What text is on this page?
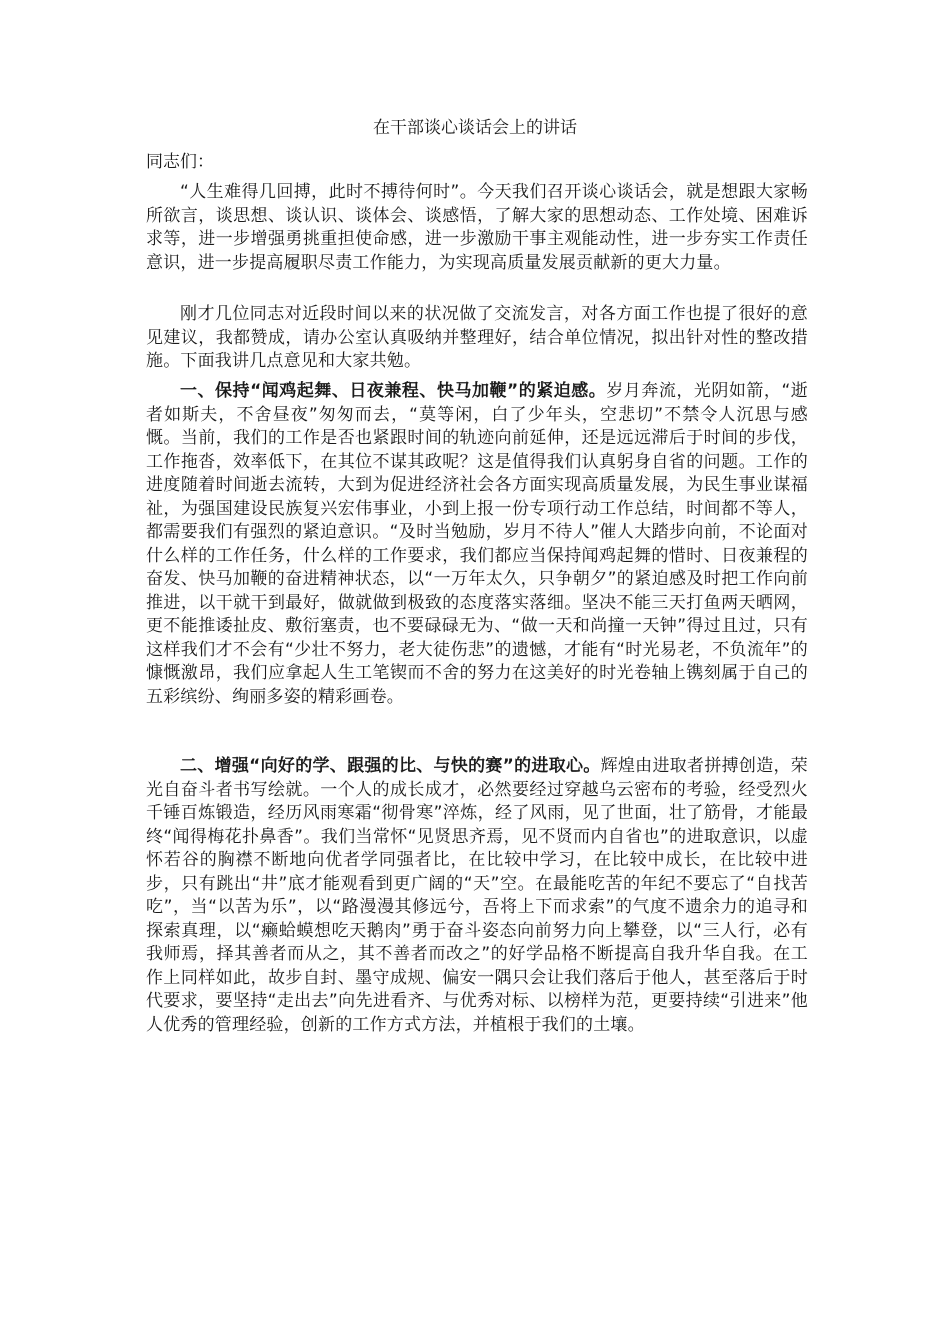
在干部谈心谈话会上的讲话
同志们：

“人生难得几回搏，此时不搏待何时”。今天我们召开谈心谈话会，就是想跟大家畅所欲言，谈思想、谈认识、谈体会、谈感悟，了解大家的思想动态、工作处境、困难诉求等，进一步增强勇挑重担使命感，进一步激励干事主观能动性，进一步夯实工作责任意识，进一步提高履职尽责工作能力，为实现高质量发展贡献新的更大力量。

刚才几位同志对近段时间以来的状况做了交流发言，对各方面工作也提了很好的意见建议，我都赞成，请办公室认真吸纳并整理好，结合单位情况，拟出针对性的整改措施。下面我讲几点意见和大家共勉。

一、保持“闻鸡起舞、日夜兼程、快马加鞭”的紧迫感。岁月奔流，光阴如箭，“逝者如斯夫，不舍昼夜”匆匆而去，“莫等闲，白了少年头，空悲切”不禁令人沉思与感慨。当前，我们的工作是否也紧跟时间的轨迹向前延伸，还是远远滞后于时间的步伐，工作拖沓，效率低下，在其位不谋其政呢？这是值得我们认真躬身自省的问题。工作的进度随着时间逝去流转，大到为促进经济社会各方面实现高质量发展，为民生事业谋福祉，为强国建设民族复兴宏伟事业，小到上报一份专项行动工作总结，时间都不等人，都需要我们有强烈的紧迫意识。“及时当勉励，岁月不待人”催人大踏步向前，不论面对什么样的工作任务，什么样的工作要求，我们都应当保持闻鸡起舞的惜时、日夜兼程的奋发、快马加鞭的奋进精神状态，以“一万年太久，只争朝夕”的紧迫感及时把工作向前推进，以干就干到最好，做就做到极致的态度落实落细。坚决不能三天打鱼两天晒网，更不能推诿扯皮、敷衍塞责，也不要碌碌无为、“做一天和尚撞一天钟”得过且过，只有这样我们才不会有“少壮不努力，老大徒伤悲”的遗憾，才能有“时光易老，不负流年”的慷慨激昂，我们应拿起人生工笔锲而不舍的努力在这美好的时光卷轴上镌刻属于自己的五彩缤纷、绚丽多姿的精彩画卷。

二、增强“向好的学、跟强的比、与快的赛”的进取心。辉煌由进取者拼搏创造，荣光自奋斗者书写绘就。一个人的成长成才，必然要经过穿越乌云密布的考验，经受烈火千锤百炼锻造，经历风雨寒霜“彻骨寒”淬炼，经了风雨，见了世面，壮了筋骨，才能最终“闻得梅花扑鼻香”。我们当常怀“见贤思齐焉，见不贤而内自省也”的进取意识，以虚怀若谷的胸襟不断地向优者学同强者比，在比较中学习，在比较中成长，在比较中进步，只有跳出“井”底才能观看到更广阔的“天”空。在最能吃苦的年纪不要忘了“自找苦吃”，当“以苦为乐”，以“路漫漫其修远兮，吾将上下而求索”的气度不遗余力的追寻和探索真理，以“癞蛤蟆想吃天鹅肉”勇于奋斗姿态向前努力向上攀登，以“三人行，必有我师焉，择其善者而从之，其不善者而改之”的好学品格不断提高自我升华自我。在工作上同样如此，故步自封、墨守成规、偏安一隅只会让我们落后于他人，甚至落后于时代要求，要坚持“走出去”向先进看齐、与优秀对标、以榜样为范，更要持续“引进来”他人优秀的管理经验，创新的工作方式方法，并植根于我们的土壤。
